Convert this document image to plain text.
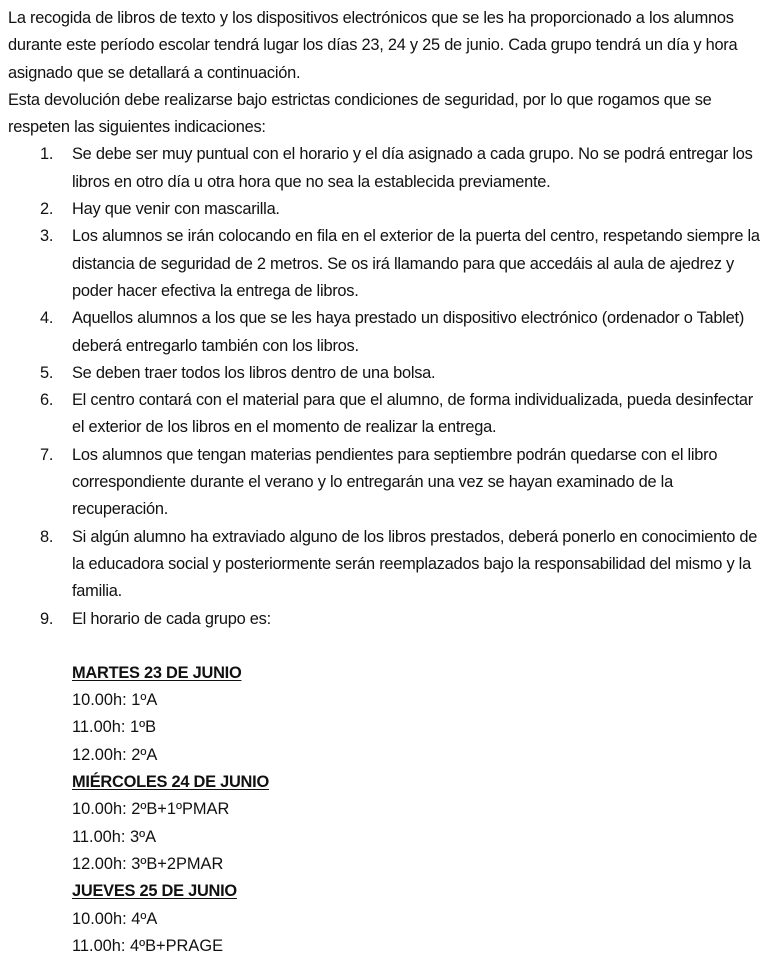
La recogida de libros de texto y los dispositivos electrónicos que se les ha proporcionado a los alumnos durante este período escolar tendrá lugar los días 23, 24 y 25 de junio. Cada grupo tendrá un día y hora asignado que se detallará a continuación.

Esta devolución debe realizarse bajo estrictas condiciones de seguridad, por lo que rogamos que se respeten las siguientes indicaciones:

1. Se debe ser muy puntual con el horario y el día asignado a cada grupo. No se podrá entregar los libros en otro día u otra hora que no sea la establecida previamente.
2. Hay que venir con mascarilla.
3. Los alumnos se irán colocando en fila en el exterior de la puerta del centro, respetando siempre la distancia de seguridad de 2 metros. Se os irá llamando para que accedáis al aula de ajedrez y poder hacer efectiva la entrega de libros.
4. Aquellos alumnos a los que se les haya prestado un dispositivo electrónico (ordenador o Tablet) deberá entregarlo también con los libros.
5. Se deben traer todos los libros dentro de una bolsa.
6. El centro contará con el material para que el alumno, de forma individualizada, pueda desinfectar el exterior de los libros en el momento de realizar la entrega.
7. Los alumnos que tengan materias pendientes para septiembre podrán quedarse con el libro correspondiente durante el verano y lo entregarán una vez se hayan examinado de la recuperación.
8. Si algún alumno ha extraviado alguno de los libros prestados, deberá ponerlo en conocimiento de la educadora social y posteriormente serán reemplazados bajo la responsabilidad del mismo y la familia.
9. El horario de cada grupo es:
MARTES 23 DE JUNIO
10.00h: 1ºA
11.00h: 1ºB
12.00h: 2ºA
MIÉRCOLES 24 DE JUNIO
10.00h: 2ºB+1ºPMAR
11.00h: 3ºA
12.00h: 3ºB+2PMAR
JUEVES 25 DE JUNIO
10.00h: 4ºA
11.00h: 4ºB+PRAGE
